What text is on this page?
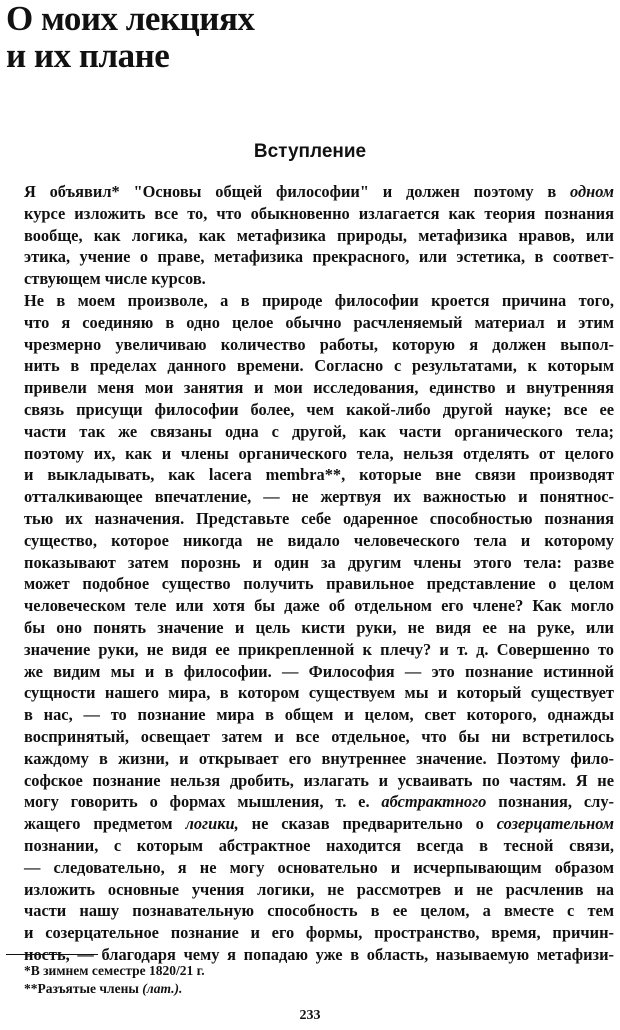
О моих лекциях
и их плане
Вступление

Я объявил* "Основы общей философии" и должен поэтому в одном
курсе изложить все то, что обыкновенно излагается как теория познания
вообще, как логика, как метафизика природы, метафизика нравов, или
этика, учение о праве, метафизика прекрасного, или эстетика, в соответ-
ствующем числе курсов.

Не в моем произволе, а в природе философии кроется причина того,
что я соединяю в одно целое обычно расчленяемый материал и этим
чрезмерно увеличиваю количество работы, которую я должен выпол-
нить в пределах данного времени. Согласно с результатами, к которым
привели меня мои занятия и мои исследования, единство и внутренняя
связь присущи философии более, чем какой-либо другой науке; все ее
части так же связаны одна с другой, как части органического тела;
поэтому их, как и члены органического тела, нельзя отделять от целого
и выкладывать, как lacera membra**, которые вне связи производят
отталкивающее впечатление, — не жертвуя их важностью и понятнос-
тью их назначения. Представьте себе одаренное способностью познания
существо, которое никогда не видало человеческого тела и которому
показывают затем порознь и один за другим члены этого тела: разве
может подобное существо получить правильное представление о целом
человеческом теле или хотя бы даже об отдельном его члене? Как могло
бы оно понять значение и цель кисти руки, не видя ее на руке, или
значение руки, не видя ее прикрепленной к плечу? и т. д. Совершенно то
же видим мы и в философии. — Философия — это познание истинной
сущности нашего мира, в котором существуем мы и который существует
в нас, — то познание мира в общем и целом, свет которого, однажды
воспринятый, освещает затем и все отдельное, что бы ни встретилось
каждому в жизни, и открывает его внутреннее значение. Поэтому фило-
софское познание нельзя дробить, излагать и усваивать по частям. Я не
могу говорить о формах мышления, т. е. абстрактного познания, слу-
жащего предметом логики, не сказав предварительно о созерцательном
познании, с которым абстрактное находится всегда в тесной связи,
— следовательно, я не могу основательно и исчерпывающим образом
изложить основные учения логики, не рассмотрев и не расчленив на
части нашу познавательную способность в ее целом, а вместе с тем
и созерцательное познание и его формы, пространство, время, причин-
ность, — благодаря чему я попадаю уже в область, называемую метафизи-

*В зимнем семестре 1820/21 г.
**Разъятые члены (лат.).
233
